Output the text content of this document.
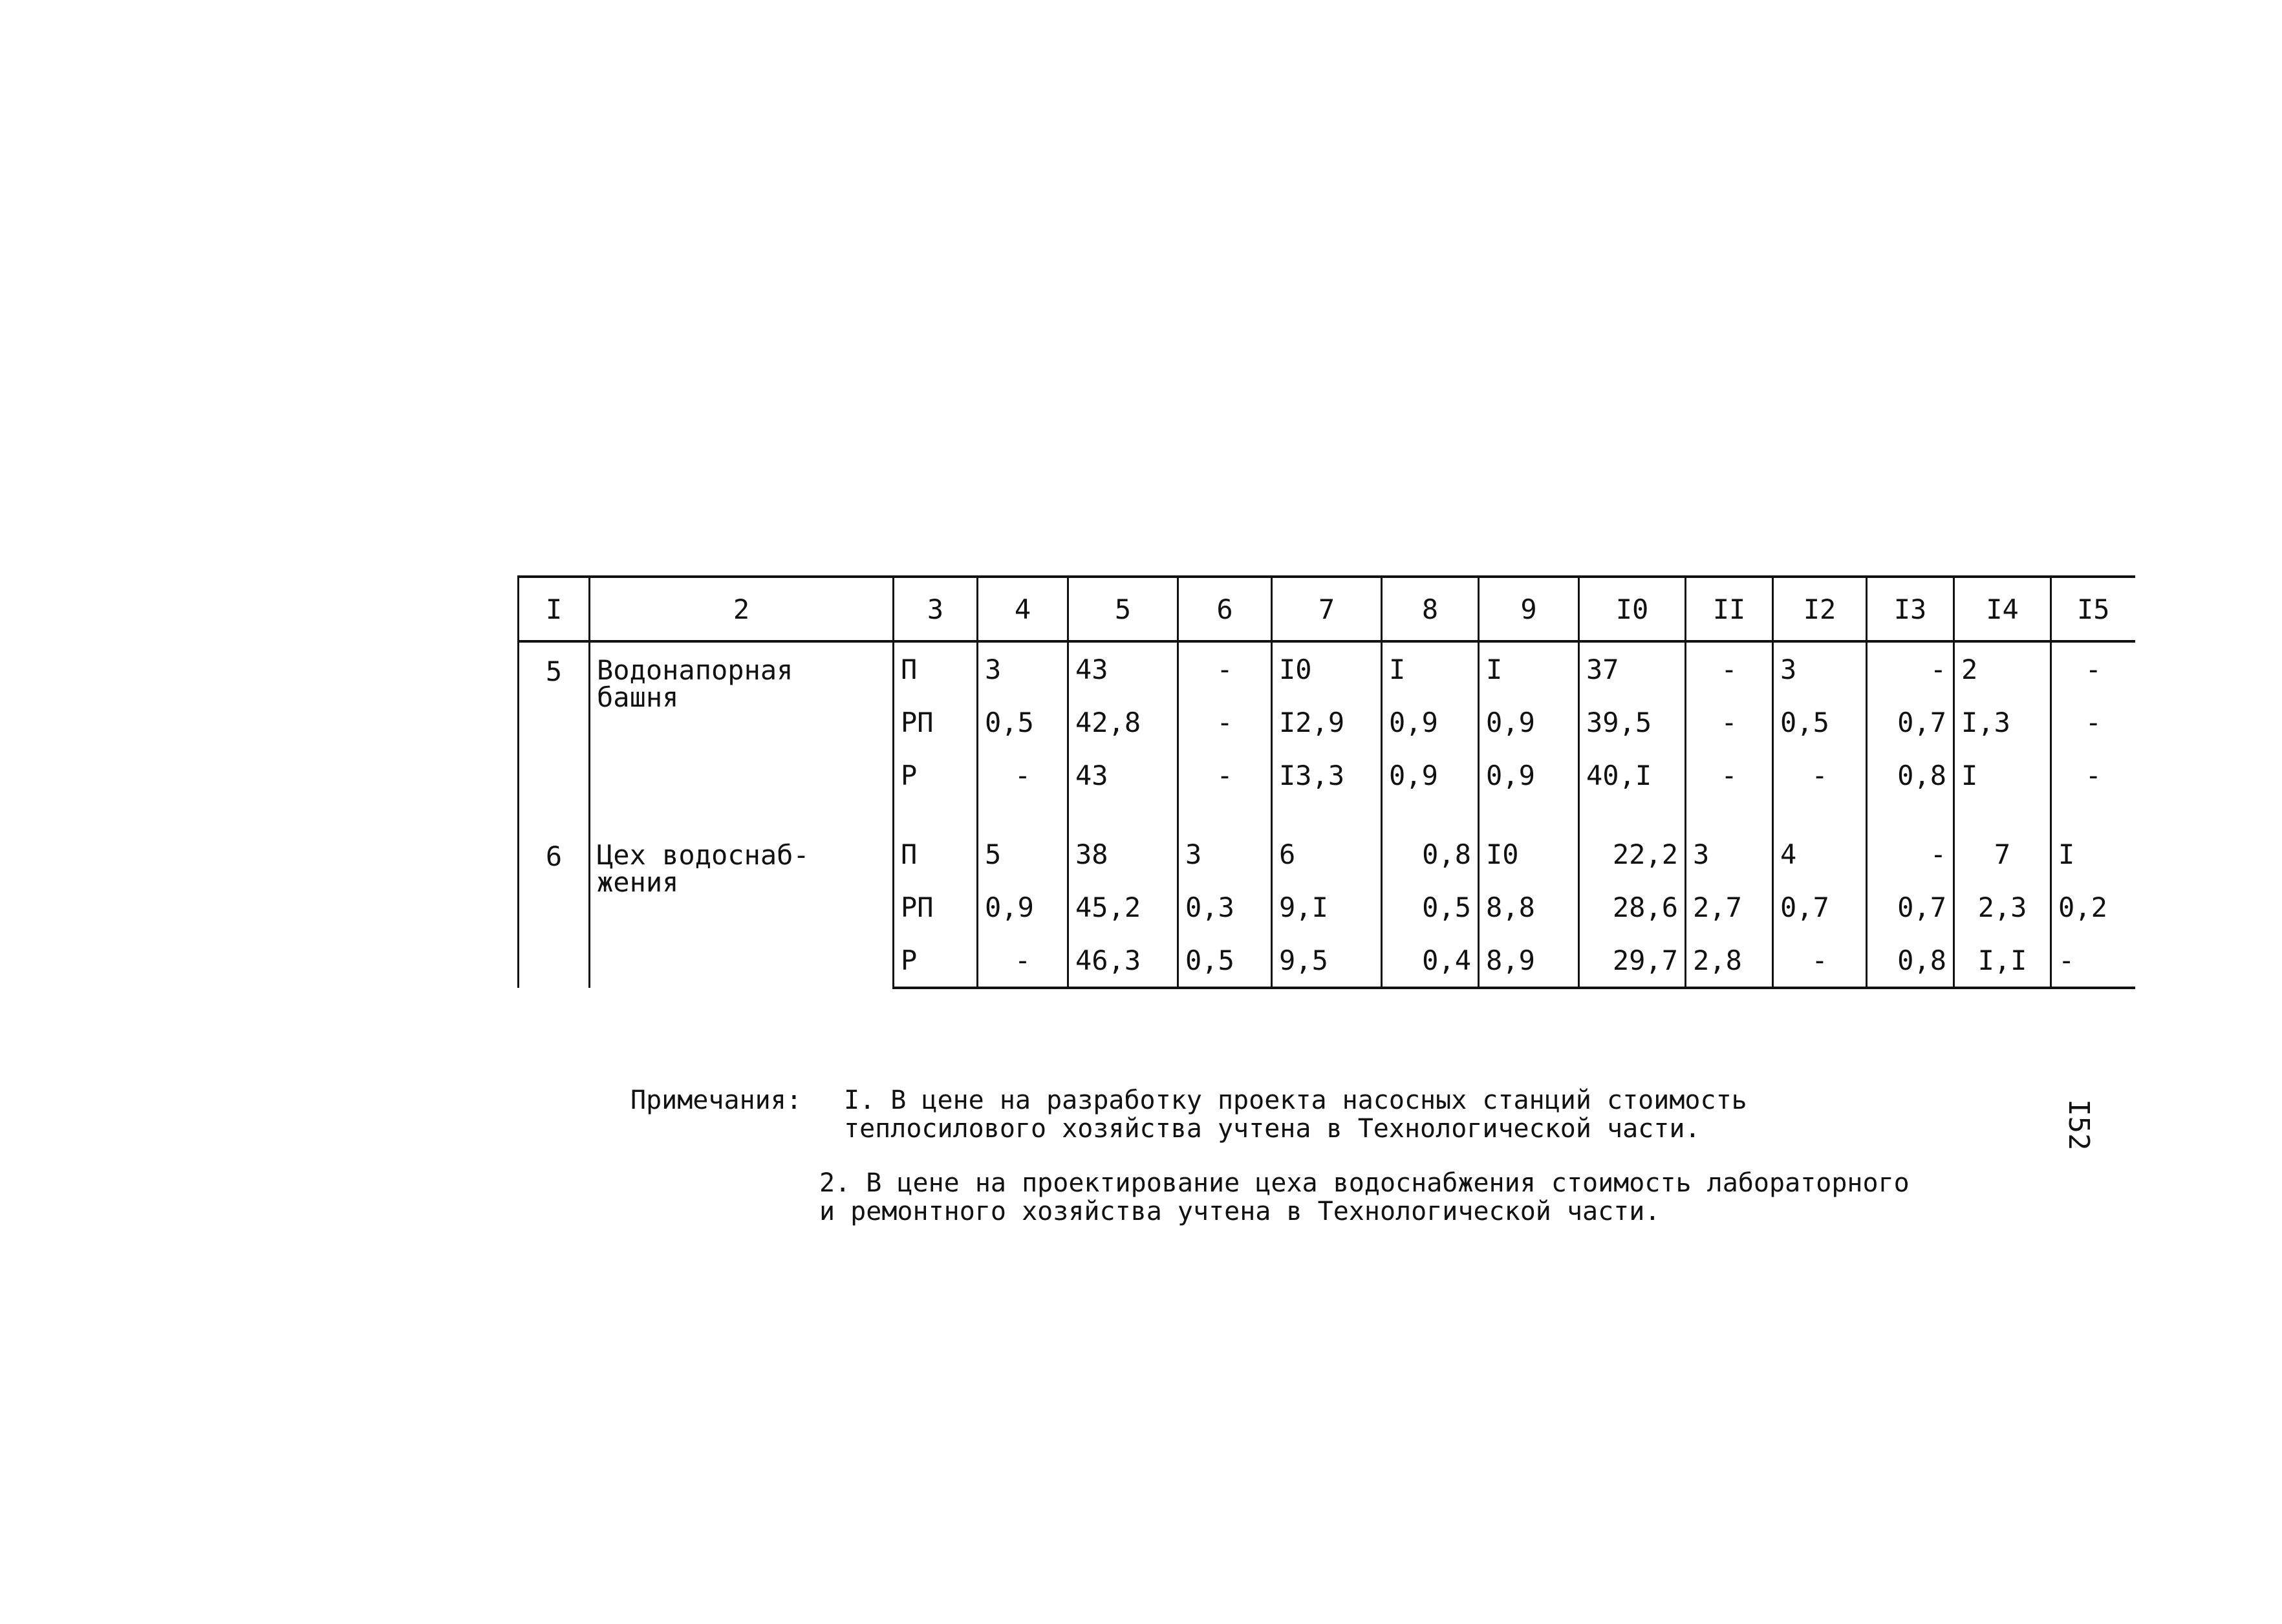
I	2	3	4	5	6	7	8	9	I0	II	I2	I3	I4	I5
5	Водонапорная башня	П	3	43	-	I0	I	I	37	-	3	-	2	-
		РП	0,5	42,8	-	I2,9	0,9	0,9	39,5	-	0,5	0,7	I,3	-
		Р	-	43	-	I3,3	0,9	0,9	40,I	-	-	0,8	I	-

6	Цех водоснаб-жения	П	5	38	3	6	0,8	I0	22,2	3	4	-	7	I
		РП	0,9	45,2	0,3	9,I	0,5	8,8	28,6	2,7	0,7	0,7	2,3	0,2
		Р	-	46,3	0,5	9,5	0,4	8,9	29,7	2,8	-	0,8	I,I	-
Примечания:	I. В цене на разработку проекта насосных станций стоимость теплосилового хозяйства учтена в Технологической части.
2. В цене на проектирование цеха водоснабжения стоимость лабораторного и ремонтного хозяйства учтена в Технологической части.
I52
